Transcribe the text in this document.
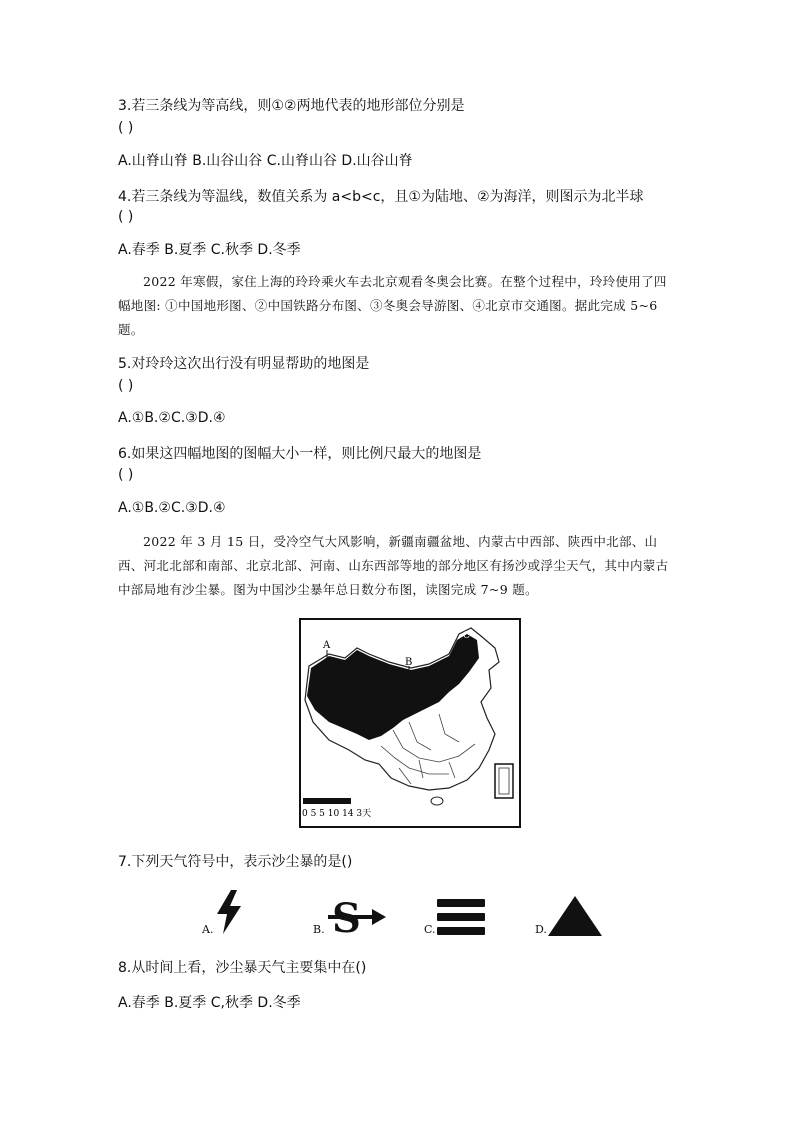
3.若三条线为等高线，则①②两地代表的地形部位分别是
( )
A.山脊山脊 B.山谷山谷 C.山脊山谷 D.山谷山脊
4.若三条线为等温线，数值关系为 a<b<c，且①为陆地、②为海洋，则图示为北半球
( )
A.春季 B.夏季 C.秋季 D.冬季
2022 年寒假，家住上海的玲玲乘火车去北京观看冬奥会比赛。在整个过程中，玲玲使用了四幅地图: ①中国地形图、②中国铁路分布图、③冬奥会导游图、④北京市交通图。据此完成 5~6 题。
5.对玲玲这次出行没有明显帮助的地图是
( )
A.①B.②C.③D.④
6.如果这四幅地图的图幅大小一样，则比例尺最大的地图是
( )
A.①B.②C.③D.④
2022 年 3 月 15 日，受冷空气大风影响，新疆南疆盆地、内蒙古中西部、陕西中北部、山西、河北北部和南部、北京北部、河南、山东西部等地的部分地区有扬沙或浮尘天气，其中内蒙古中部局地有沙尘暴。图为中国沙尘暴年总日数分布图，读图完成 7~9 题。
A
B
C
0 5 5 10 14 3天
7.下列天气符号中，表示沙尘暴的是()
A.	B. S	C.	D.
8.从时间上看，沙尘暴天气主要集中在()
A.春季 B.夏季 C,秋季 D.冬季
